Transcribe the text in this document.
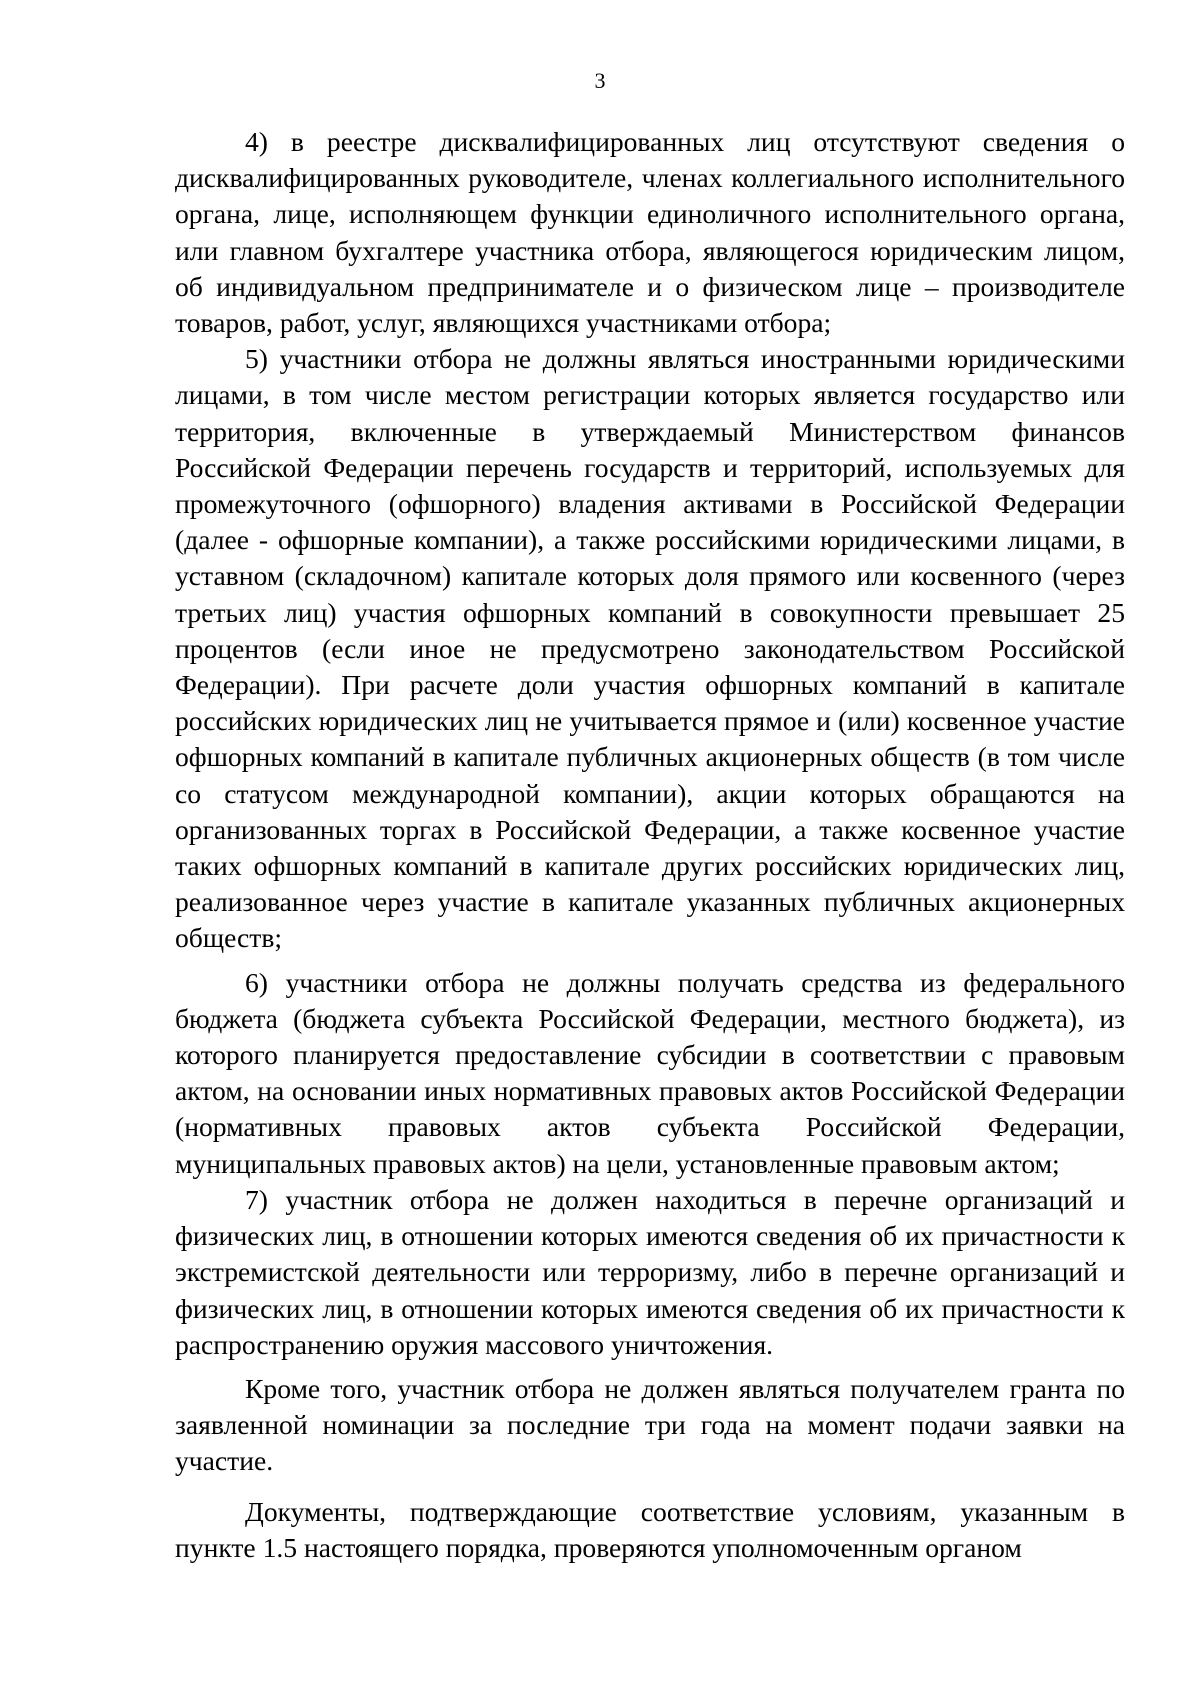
3

4) в реестре дисквалифицированных лиц отсутствуют сведения о дисквалифицированных руководителе, членах коллегиального исполнительного органа, лице, исполняющем функции единоличного исполнительного органа, или главном бухгалтере участника отбора, являющегося юридическим лицом, об индивидуальном предпринимателе и о физическом лице – производителе товаров, работ, услуг, являющихся участниками отбора;

5) участники отбора не должны являться иностранными юридическими лицами, в том числе местом регистрации которых является государство или территория, включенные в утверждаемый Министерством финансов Российской Федерации перечень государств и территорий, используемых для промежуточного (офшорного) владения активами в Российской Федерации (далее - офшорные компании), а также российскими юридическими лицами, в уставном (складочном) капитале которых доля прямого или косвенного (через третьих лиц) участия офшорных компаний в совокупности превышает 25 процентов (если иное не предусмотрено законодательством Российской Федерации). При расчете доли участия офшорных компаний в капитале российских юридических лиц не учитывается прямое и (или) косвенное участие офшорных компаний в капитале публичных акционерных обществ (в том числе со статусом международной компании), акции которых обращаются на организованных торгах в Российской Федерации, а также косвенное участие таких офшорных компаний в капитале других российских юридических лиц, реализованное через участие в капитале указанных публичных акционерных обществ;

6) участники отбора не должны получать средства из федерального бюджета (бюджета субъекта Российской Федерации, местного бюджета), из которого планируется предоставление субсидии в соответствии с правовым актом, на основании иных нормативных правовых актов Российской Федерации (нормативных правовых актов субъекта Российской Федерации, муниципальных правовых актов) на цели, установленные правовым актом;

7) участник отбора не должен находиться в перечне организаций и физических лиц, в отношении которых имеются сведения об их причастности к экстремистской деятельности или терроризму, либо в перечне организаций и физических лиц, в отношении которых имеются сведения об их причастности к распространению оружия массового уничтожения.

Кроме того, участник отбора не должен являться получателем гранта по заявленной номинации за последние три года на момент подачи заявки на участие.

Документы, подтверждающие соответствие условиям, указанным в пункте 1.5 настоящего порядка, проверяются уполномоченным органом
